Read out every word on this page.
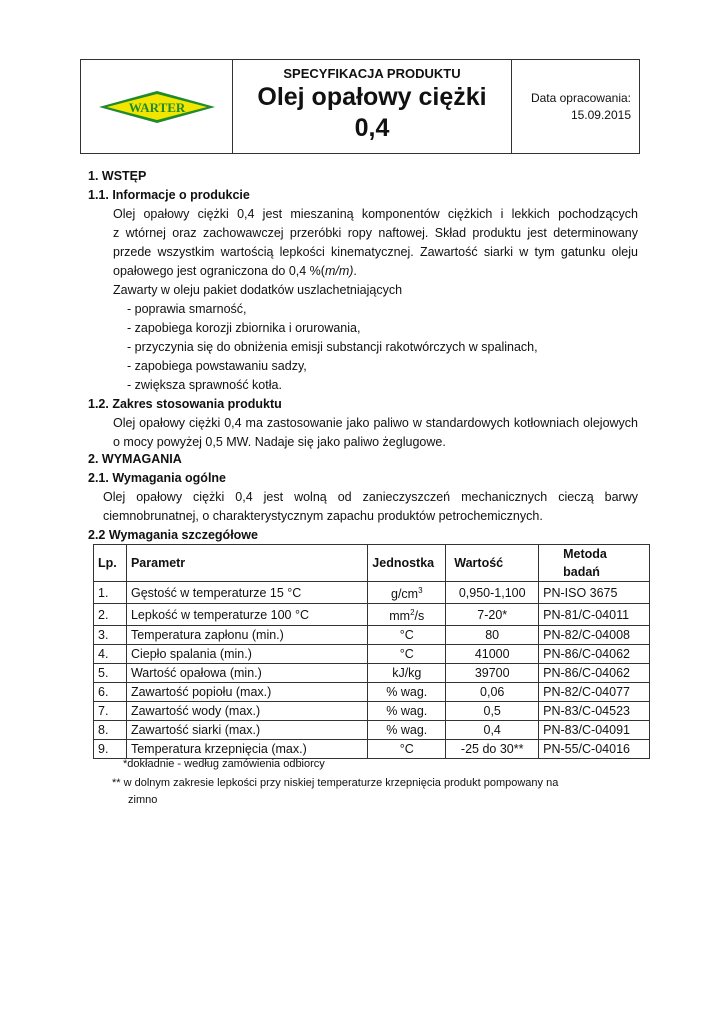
WARTER
SPECYFIKACJA PRODUKTU
Olej opałowy ciężki
0,4
Data opracowania:
15.09.2015
1. WSTĘP
1.1. Informacje o produkcie
Olej opałowy ciężki 0,4 jest mieszaniną komponentów ciężkich i lekkich pochodzących
z wtórnej oraz zachowawczej przeróbki ropy naftowej. Skład produktu jest determinowany
przede wszystkim wartością lepkości kinematycznej. Zawartość siarki w tym gatunku oleju
opałowego jest ograniczona do 0,4 %(m/m).
Zawarty w oleju pakiet dodatków uszlachetniających
- poprawia smarność,
- zapobiega korozji zbiornika i orurowania,
- przyczynia się do obniżenia emisji substancji rakotwórczych w spalinach,
- zapobiega powstawaniu sadzy,
- zwiększa sprawność kotła.
1.2. Zakres stosowania produktu
Olej opałowy ciężki 0,4 ma zastosowanie jako paliwo w standardowych kotłowniach olejowych
o mocy powyżej 0,5 MW. Nadaje się jako paliwo żeglugowe.
2. WYMAGANIA
2.1. Wymagania ogólne
Olej opałowy ciężki 0,4 jest wolną od zanieczyszczeń mechanicznych cieczą barwy
ciemnobrunatnej, o charakterystycznym zapachu produktów petrochemicznych.
2.2 Wymagania szczegółowe
Lp.	Parametr	Jednostka	Wartość	Metoda badań
1.	Gęstość w temperaturze 15 °C	$g/cm^3$	0,950-1,100	PN-ISO 3675
2.	Lepkość w temperaturze 100 °C	$mm^2/s$	7-20*	PN-81/C-04011
3.	Temperatura zapłonu (min.)	°C	80	PN-82/C-04008
4.	Ciepło spalania (min.)	°C	41000	PN-86/C-04062
5.	Wartość opałowa (min.)	kJ/kg	39700	PN-86/C-04062
6.	Zawartość popiołu (max.)	% wag.	0,06	PN-82/C-04077
7.	Zawartość wody (max.)	% wag.	0,5	PN-83/C-04523
8.	Zawartość siarki (max.)	% wag.	0,4	PN-83/C-04091
9.	Temperatura krzepnięcia (max.)	°C	-25 do 30**	PN-55/C-04016
*dokładnie - według zamówienia odbiorcy
** w dolnym zakresie lepkości przy niskiej temperaturze krzepnięcia produkt pompowany na
zimno
